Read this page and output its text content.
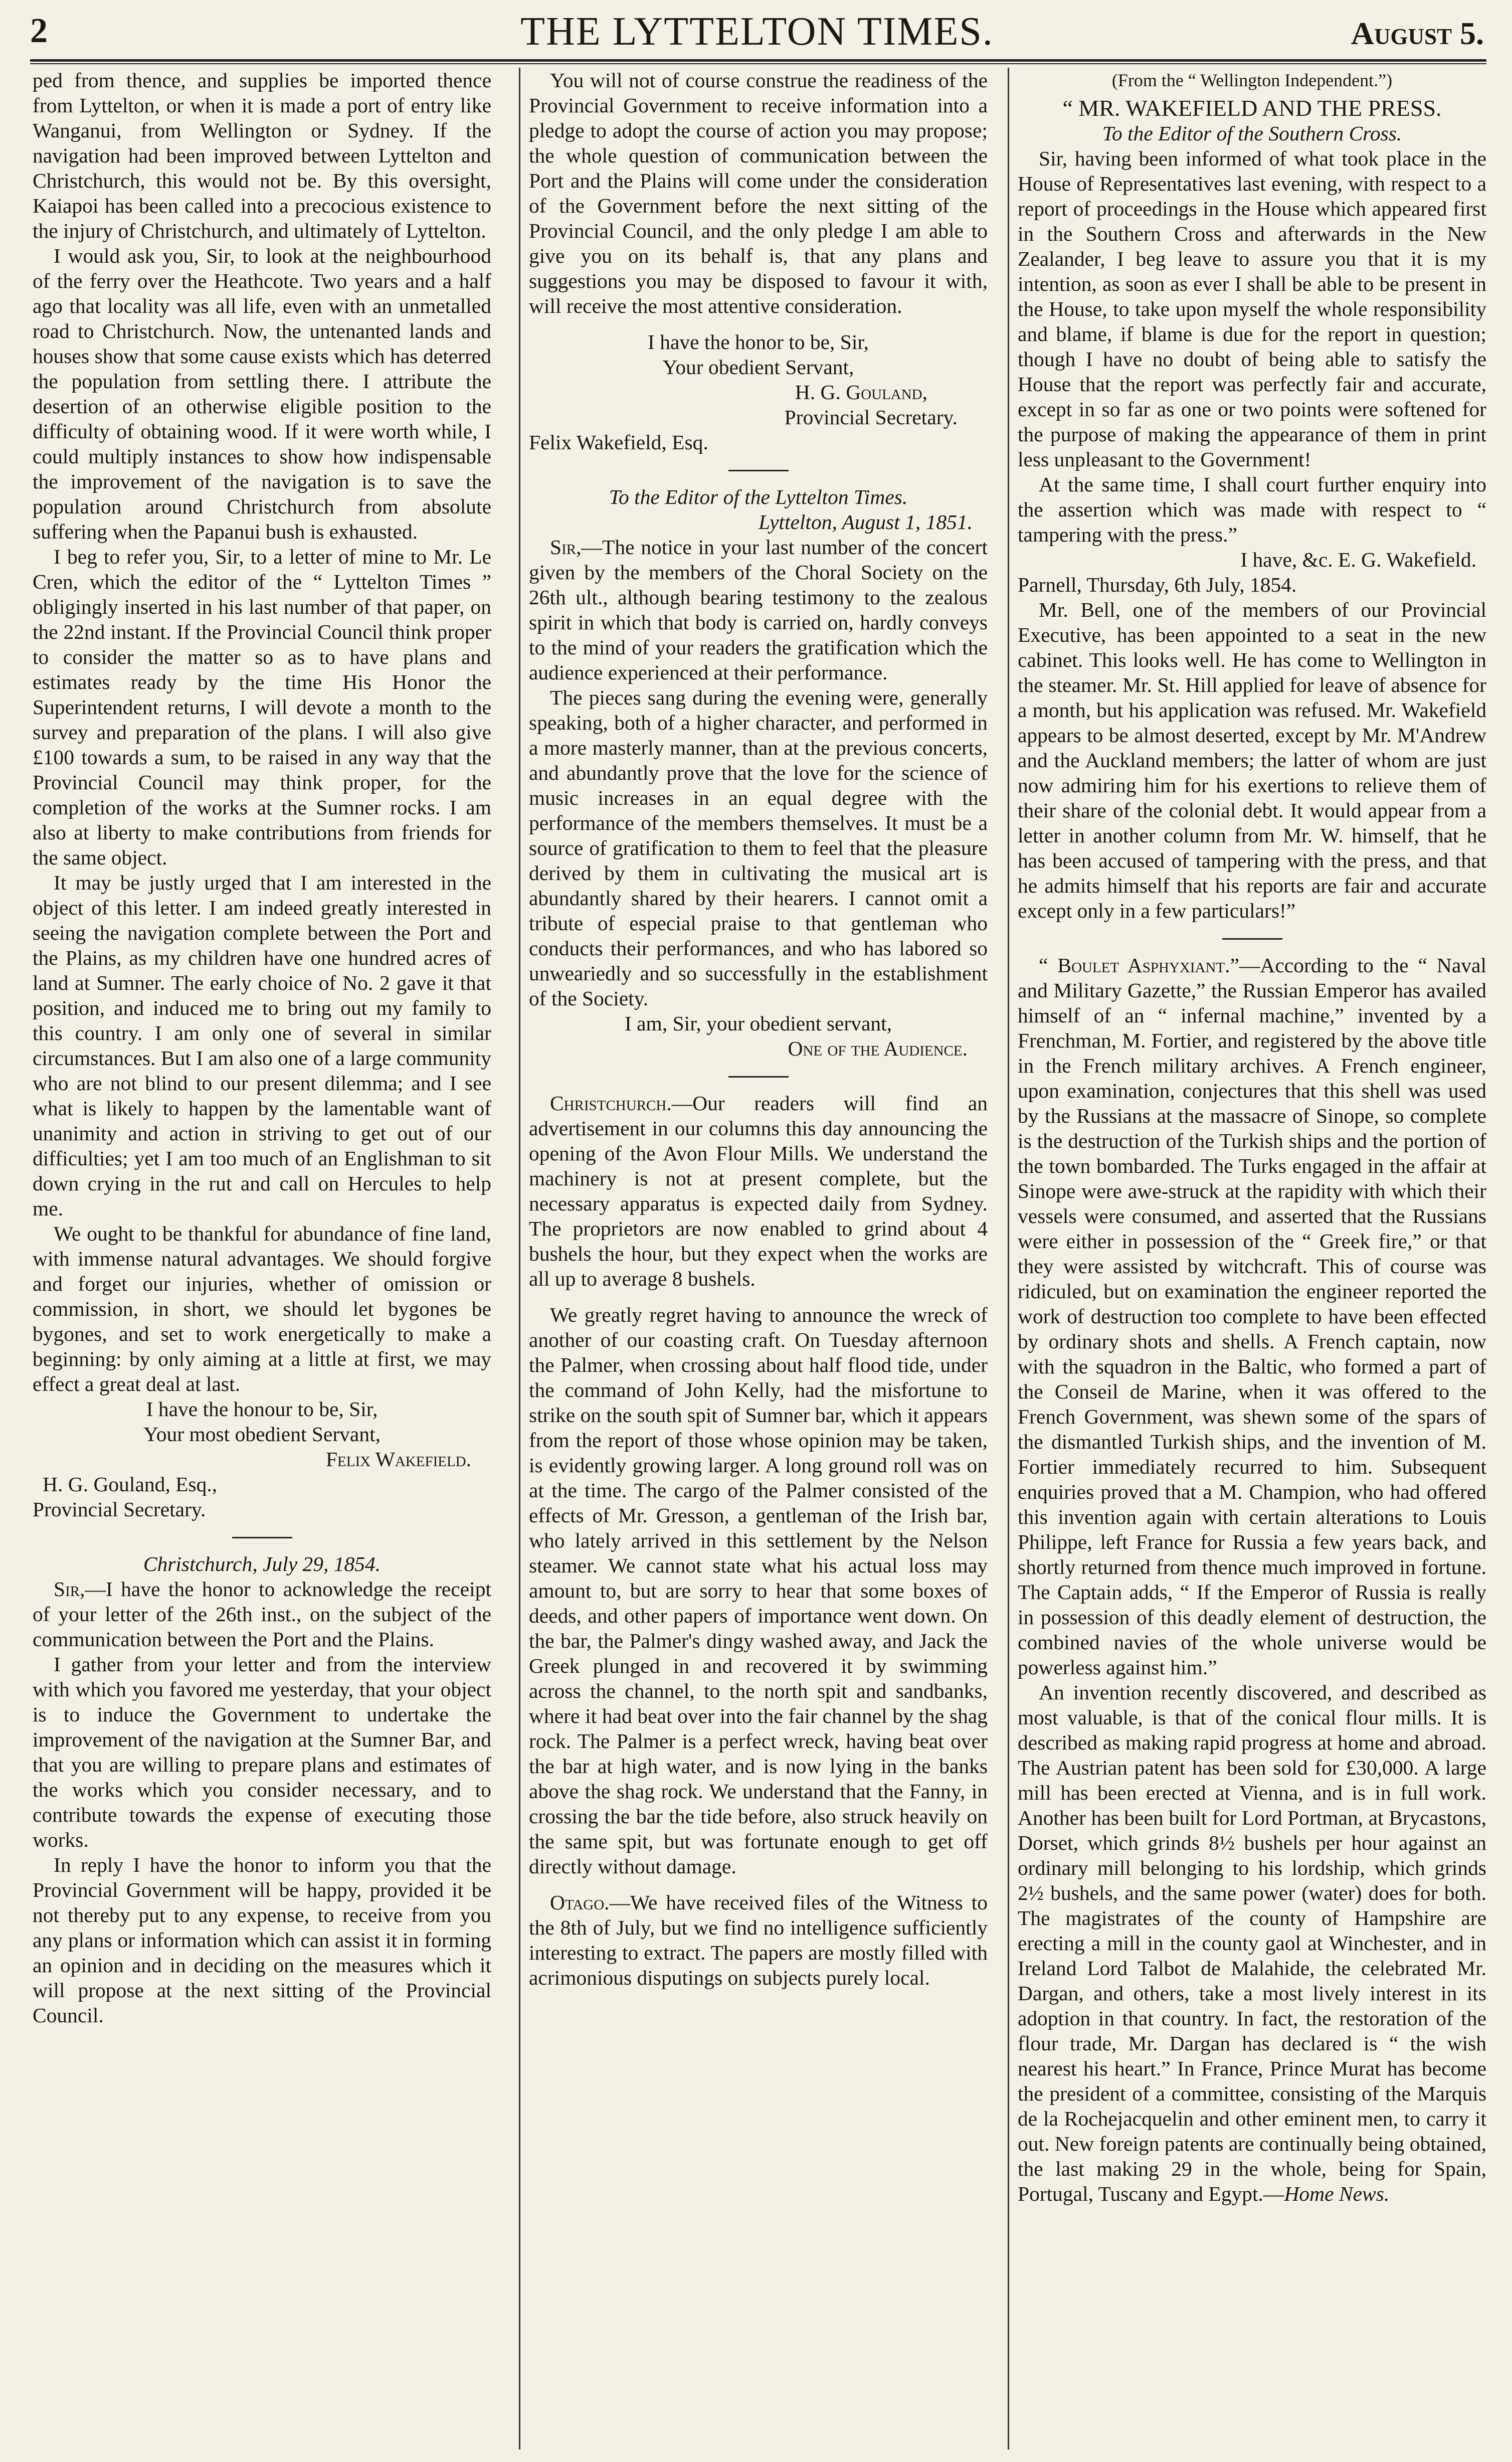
2	THE LYTTELTON TIMES.	August 5.

ped from thence, and supplies be imported thence from Lyttelton, or when it is made a port of entry like Wanganui, from Wellington or Sydney. If the navigation had been improved between Lyttelton and Christchurch, this would not be. By this oversight, Kaiapoi has been called into a precocious existence to the injury of Christchurch, and ultimately of Lyttelton.

I would ask you, Sir, to look at the neighbourhood of the ferry over the Heathcote. Two years and a half ago that locality was all life, even with an unmetalled road to Christchurch. Now, the untenanted lands and houses show that some cause exists which has deterred the population from settling there. I attribute the desertion of an otherwise eligible position to the difficulty of obtaining wood. If it were worth while, I could multiply instances to show how indispensable the improvement of the navigation is to save the population around Christchurch from absolute suffering when the Papanui bush is exhausted.

I beg to refer you, Sir, to a letter of mine to Mr. Le Cren, which the editor of the “ Lyttelton Times ” obligingly inserted in his last number of that paper, on the 22nd instant. If the Provincial Council think proper to consider the matter so as to have plans and estimates ready by the time His Honor the Superintendent returns, I will devote a month to the survey and preparation of the plans. I will also give £100 towards a sum, to be raised in any way that the Provincial Council may think proper, for the completion of the works at the Sumner rocks. I am also at liberty to make contributions from friends for the same object.

It may be justly urged that I am interested in the object of this letter. I am indeed greatly interested in seeing the navigation complete between the Port and the Plains, as my children have one hundred acres of land at Sumner. The early choice of No. 2 gave it that position, and induced me to bring out my family to this country. I am only one of several in similar circumstances. But I am also one of a large community who are not blind to our present dilemma; and I see what is likely to happen by the lamentable want of unanimity and action in striving to get out of our difficulties; yet I am too much of an Englishman to sit down crying in the rut and call on Hercules to help me.

We ought to be thankful for abundance of fine land, with immense natural advantages. We should forgive and forget our injuries, whether of omission or commission, in short, we should let bygones be bygones, and set to work energetically to make a beginning: by only aiming at a little at first, we may effect a great deal at last.

I have the honour to be, Sir,

Your most obedient Servant,

Felix Wakefield.

H. G. Gouland, Esq.,

Provincial Secretary.

Christchurch, July 29, 1854.

Sir,—I have the honor to acknowledge the receipt of your letter of the 26th inst., on the subject of the communication between the Port and the Plains.

I gather from your letter and from the interview with which you favored me yesterday, that your object is to induce the Government to undertake the improvement of the navigation at the Sumner Bar, and that you are willing to prepare plans and estimates of the works which you consider necessary, and to contribute towards the expense of executing those works.

In reply I have the honor to inform you that the Provincial Government will be happy, provided it be not thereby put to any expense, to receive from you any plans or information which can assist it in forming an opinion and in deciding on the measures which it will propose at the next sitting of the Provincial Council.

You will not of course construe the readiness of the Provincial Government to receive information into a pledge to adopt the course of action you may propose; the whole question of communication between the Port and the Plains will come under the consideration of the Government before the next sitting of the Provincial Council, and the only pledge I am able to give you on its behalf is, that any plans and suggestions you may be disposed to favour it with, will receive the most attentive consideration.

I have the honor to be, Sir,

Your obedient Servant,

H. G. Gouland,

Provincial Secretary.

Felix Wakefield, Esq.

To the Editor of the Lyttelton Times.

Lyttelton, August 1, 1851.

Sir,—The notice in your last number of the concert given by the members of the Choral Society on the 26th ult., although bearing testimony to the zealous spirit in which that body is carried on, hardly conveys to the mind of your readers the gratification which the audience experienced at their performance.

The pieces sang during the evening were, generally speaking, both of a higher character, and performed in a more masterly manner, than at the previous concerts, and abundantly prove that the love for the science of music increases in an equal degree with the performance of the members themselves. It must be a source of gratification to them to feel that the pleasure derived by them in cultivating the musical art is abundantly shared by their hearers. I cannot omit a tribute of especial praise to that gentleman who conducts their performances, and who has labored so unweariedly and so successfully in the establishment of the Society.

I am, Sir, your obedient servant,

One of the Audience.

Christchurch.—Our readers will find an advertisement in our columns this day announcing the opening of the Avon Flour Mills. We understand the machinery is not at present complete, but the necessary apparatus is expected daily from Sydney. The proprietors are now enabled to grind about 4 bushels the hour, but they expect when the works are all up to average 8 bushels.

We greatly regret having to announce the wreck of another of our coasting craft. On Tuesday afternoon the Palmer, when crossing about half flood tide, under the command of John Kelly, had the misfortune to strike on the south spit of Sumner bar, which it appears from the report of those whose opinion may be taken, is evidently growing larger. A long ground roll was on at the time. The cargo of the Palmer consisted of the effects of Mr. Gresson, a gentleman of the Irish bar, who lately arrived in this settlement by the Nelson steamer. We cannot state what his actual loss may amount to, but are sorry to hear that some boxes of deeds, and other papers of importance went down. On the bar, the Palmer's dingy washed away, and Jack the Greek plunged in and recovered it by swimming across the channel, to the north spit and sandbanks, where it had beat over into the fair channel by the shag rock. The Palmer is a perfect wreck, having beat over the bar at high water, and is now lying in the banks above the shag rock. We understand that the Fanny, in crossing the bar the tide before, also struck heavily on the same spit, but was fortunate enough to get off directly without damage.

Otago.—We have received files of the Witness to the 8th of July, but we find no intelligence sufficiently interesting to extract. The papers are mostly filled with acrimonious disputings on subjects purely local.

(From the “ Wellington Independent.”)

“ MR. WAKEFIELD AND THE PRESS.

To the Editor of the Southern Cross.

Sir, having been informed of what took place in the House of Representatives last evening, with respect to a report of proceedings in the House which appeared first in the Southern Cross and afterwards in the New Zealander, I beg leave to assure you that it is my intention, as soon as ever I shall be able to be present in the House, to take upon myself the whole responsibility and blame, if blame is due for the report in question; though I have no doubt of being able to satisfy the House that the report was perfectly fair and accurate, except in so far as one or two points were softened for the purpose of making the appearance of them in print less unpleasant to the Government!

At the same time, I shall court further enquiry into the assertion which was made with respect to “ tampering with the press.”

I have, &c. E. G. Wakefield.

Parnell, Thursday, 6th July, 1854.

Mr. Bell, one of the members of our Provincial Executive, has been appointed to a seat in the new cabinet. This looks well. He has come to Wellington in the steamer. Mr. St. Hill applied for leave of absence for a month, but his application was refused. Mr. Wakefield appears to be almost deserted, except by Mr. M'Andrew and the Auckland members; the latter of whom are just now admiring him for his exertions to relieve them of their share of the colonial debt. It would appear from a letter in another column from Mr. W. himself, that he has been accused of tampering with the press, and that he admits himself that his reports are fair and accurate except only in a few particulars!”

“ Boulet Asphyxiant.”—According to the “ Naval and Military Gazette,” the Russian Emperor has availed himself of an “ infernal machine,” invented by a Frenchman, M. Fortier, and registered by the above title in the French military archives. A French engineer, upon examination, conjectures that this shell was used by the Russians at the massacre of Sinope, so complete is the destruction of the Turkish ships and the portion of the town bombarded. The Turks engaged in the affair at Sinope were awe-struck at the rapidity with which their vessels were consumed, and asserted that the Russians were either in possession of the “ Greek fire,” or that they were assisted by witchcraft. This of course was ridiculed, but on examination the engineer reported the work of destruction too complete to have been effected by ordinary shots and shells. A French captain, now with the squadron in the Baltic, who formed a part of the Conseil de Marine, when it was offered to the French Government, was shewn some of the spars of the dismantled Turkish ships, and the invention of M. Fortier immediately recurred to him. Subsequent enquiries proved that a M. Champion, who had offered this invention again with certain alterations to Louis Philippe, left France for Russia a few years back, and shortly returned from thence much improved in fortune. The Captain adds, “ If the Emperor of Russia is really in possession of this deadly element of destruction, the combined navies of the whole universe would be powerless against him.”

An invention recently discovered, and described as most valuable, is that of the conical flour mills. It is described as making rapid progress at home and abroad. The Austrian patent has been sold for £30,000. A large mill has been erected at Vienna, and is in full work. Another has been built for Lord Portman, at Brycastons, Dorset, which grinds 8½ bushels per hour against an ordinary mill belonging to his lordship, which grinds 2½ bushels, and the same power (water) does for both. The magistrates of the county of Hampshire are erecting a mill in the county gaol at Winchester, and in Ireland Lord Talbot de Malahide, the celebrated Mr. Dargan, and others, take a most lively interest in its adoption in that country. In fact, the restoration of the flour trade, Mr. Dargan has declared is “ the wish nearest his heart.” In France, Prince Murat has become the president of a committee, consisting of the Marquis de la Rochejacquelin and other eminent men, to carry it out. New foreign patents are continually being obtained, the last making 29 in the whole, being for Spain, Portugal, Tuscany and Egypt.—Home News.
